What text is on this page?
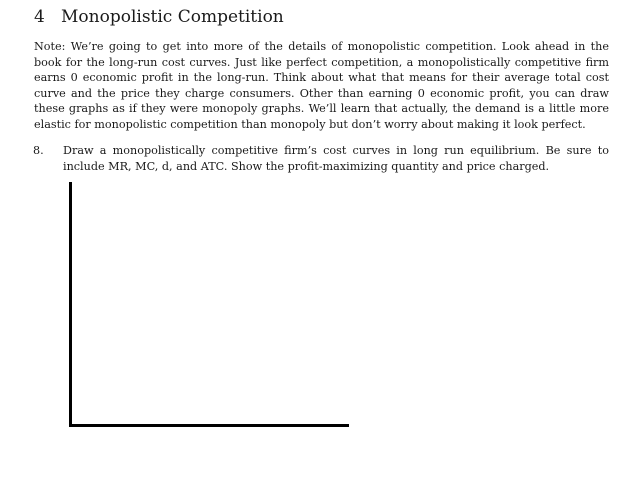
4 Monopolistic Competition

Note: We’re going to get into more of the details of monopolistic competition. Look ahead in the book for the long-run cost curves. Just like perfect competition, a monopolistically competitive firm earns 0 economic profit in the long-run. Think about what that means for their average total cost curve and the price they charge consumers. Other than earning 0 economic profit, you can draw these graphs as if they were monopoly graphs. We’ll learn that actually, the demand is a little more elastic for monopolistic competition than monopoly but don’t worry about making it look perfect.

8. Draw a monopolistically competitive firm’s cost curves in long run equilibrium. Be sure to include MR, MC, d, and ATC. Show the profit-maximizing quantity and price charged.
